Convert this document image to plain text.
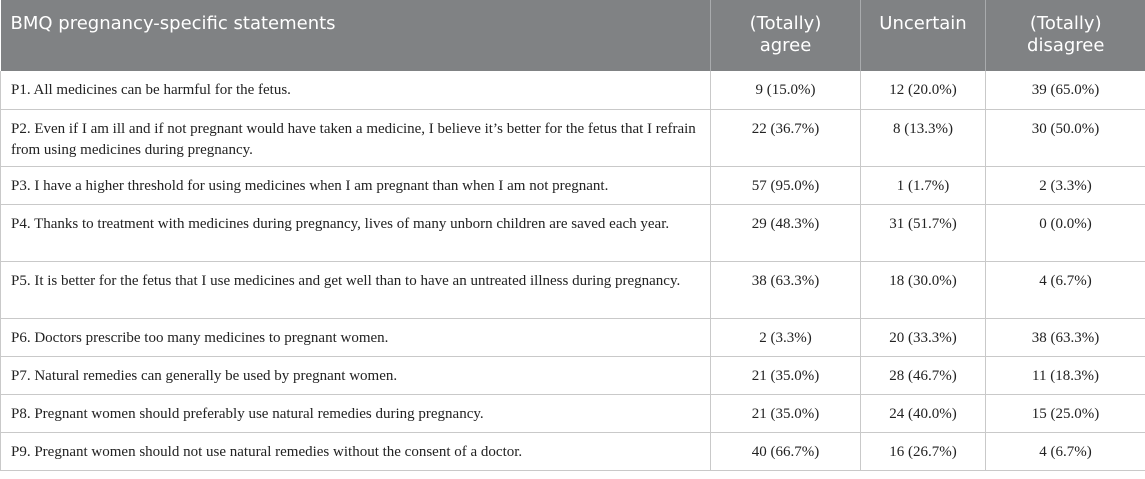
BMQ pregnancy-specific statements	(Totally) agree	Uncertain	(Totally) disagree
P1. All medicines can be harmful for the fetus.	9 (15.0%)	12 (20.0%)	39 (65.0%)
P2. Even if I am ill and if not pregnant would have taken a medicine, I believe it’s better for the fetus that I refrain from using medicines during pregnancy.	22 (36.7%)	8 (13.3%)	30 (50.0%)
P3. I have a higher threshold for using medicines when I am pregnant than when I am not pregnant.	57 (95.0%)	1 (1.7%)	2 (3.3%)
P4. Thanks to treatment with medicines during pregnancy, lives of many unborn children are saved each year.	29 (48.3%)	31 (51.7%)	0 (0.0%)
P5. It is better for the fetus that I use medicines and get well than to have an untreated illness during pregnancy.	38 (63.3%)	18 (30.0%)	4 (6.7%)
P6. Doctors prescribe too many medicines to pregnant women.	2 (3.3%)	20 (33.3%)	38 (63.3%)
P7. Natural remedies can generally be used by pregnant women.	21 (35.0%)	28 (46.7%)	11 (18.3%)
P8. Pregnant women should preferably use natural remedies during pregnancy.	21 (35.0%)	24 (40.0%)	15 (25.0%)
P9. Pregnant women should not use natural remedies without the consent of a doctor.	40 (66.7%)	16 (26.7%)	4 (6.7%)
